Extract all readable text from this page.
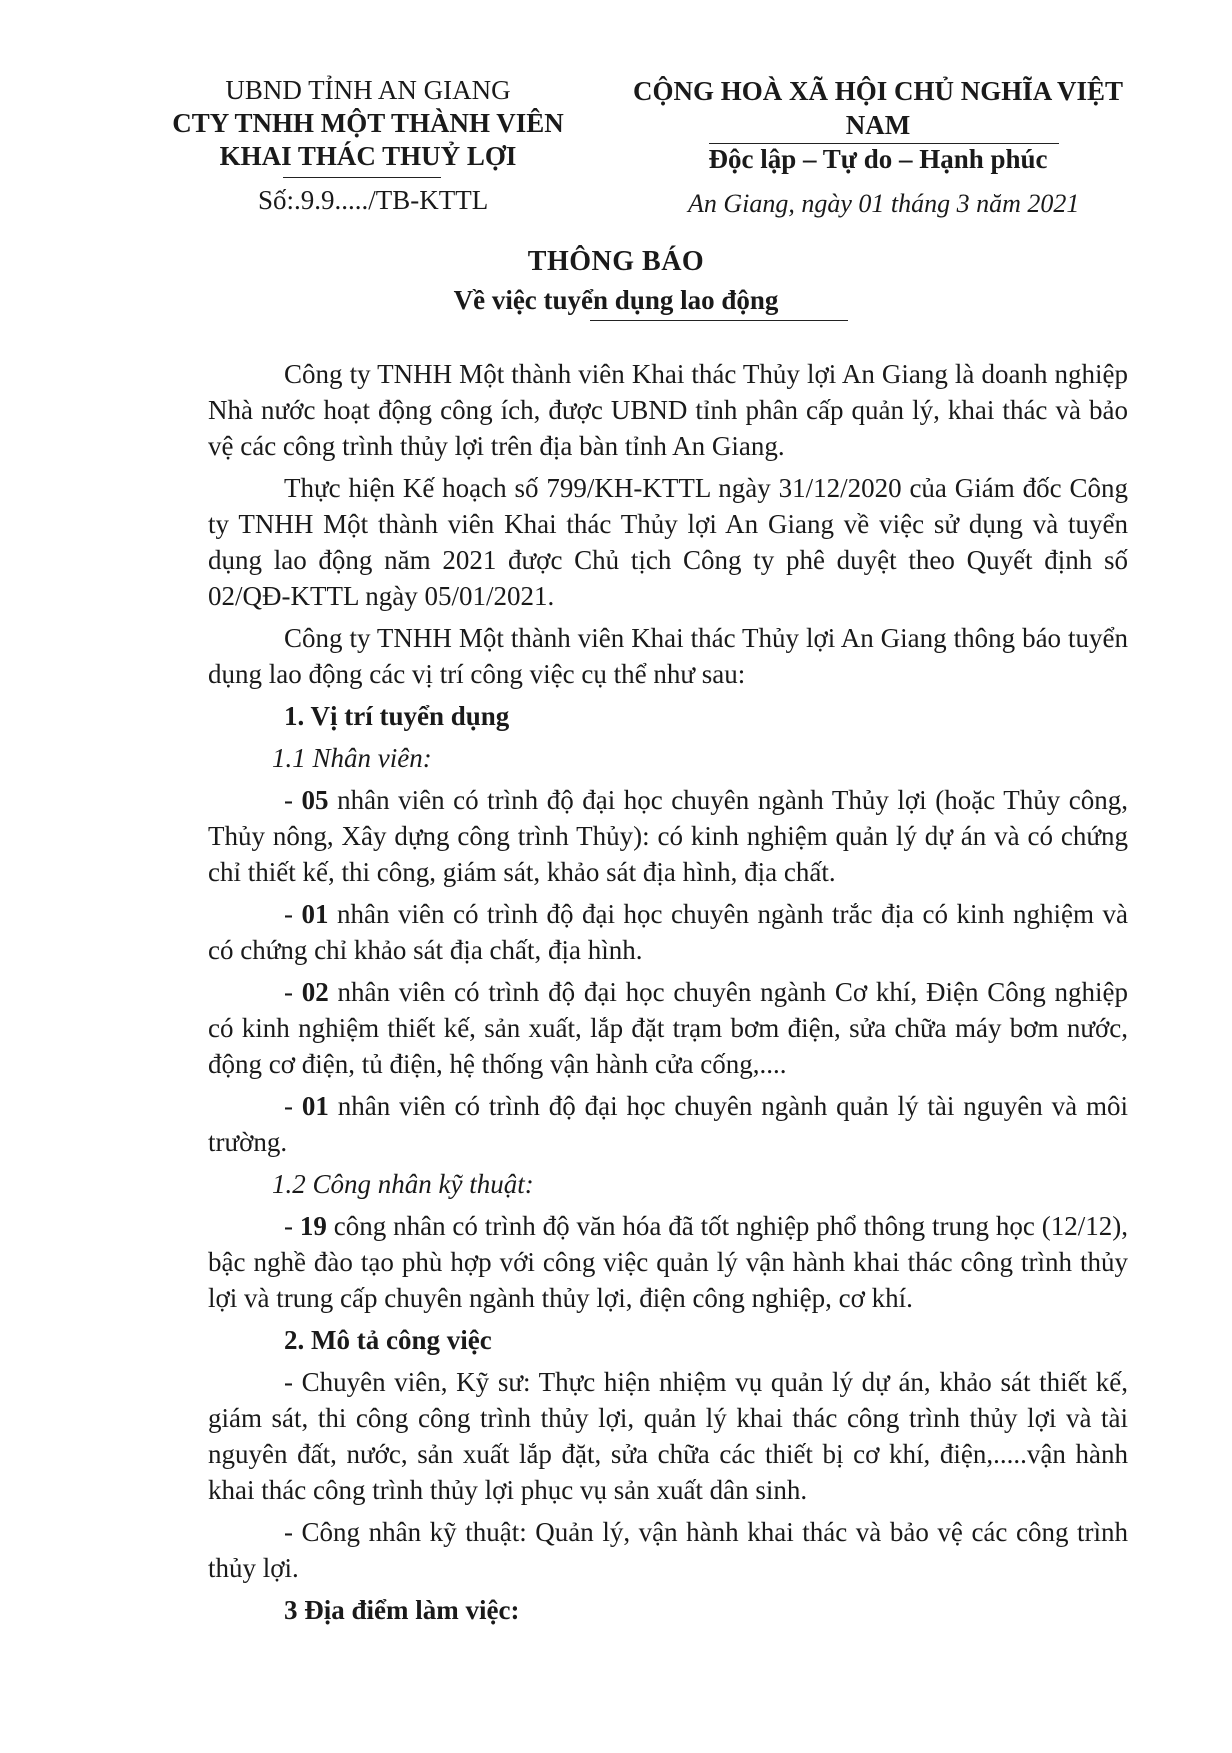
UBND TỈNH AN GIANG
CTY TNHH MỘT THÀNH VIÊN
KHAI THÁC THUỶ LỢI
Số:.9.9...../TB-KTTL
CỘNG HOÀ XÃ HỘI CHỦ NGHĨA VIỆT NAM
Độc lập – Tự do – Hạnh phúc
An Giang, ngày 01 tháng 3 năm 2021
THÔNG BÁO
Về việc tuyển dụng lao động

Công ty TNHH Một thành viên Khai thác Thủy lợi An Giang là doanh nghiệp Nhà nước hoạt động công ích, được UBND tỉnh phân cấp quản lý, khai thác và bảo vệ các công trình thủy lợi trên địa bàn tỉnh An Giang.

Thực hiện Kế hoạch số 799/KH-KTTL ngày 31/12/2020 của Giám đốc Công ty TNHH Một thành viên Khai thác Thủy lợi An Giang về việc sử dụng và tuyển dụng lao động năm 2021 được Chủ tịch Công ty phê duyệt theo Quyết định số 02/QĐ-KTTL ngày 05/01/2021.

Công ty TNHH Một thành viên Khai thác Thủy lợi An Giang thông báo tuyển dụng lao động các vị trí công việc cụ thể như sau:

1. Vị trí tuyển dụng
1.1 Nhân viên:

- 05 nhân viên có trình độ đại học chuyên ngành Thủy lợi (hoặc Thủy công, Thủy nông, Xây dựng công trình Thủy): có kinh nghiệm quản lý dự án và có chứng chỉ thiết kế, thi công, giám sát, khảo sát địa hình, địa chất.

- 01 nhân viên có trình độ đại học chuyên ngành trắc địa có kinh nghiệm và có chứng chỉ khảo sát địa chất, địa hình.

- 02 nhân viên có trình độ đại học chuyên ngành Cơ khí, Điện Công nghiệp có kinh nghiệm thiết kế, sản xuất, lắp đặt trạm bơm điện, sửa chữa máy bơm nước, động cơ điện, tủ điện, hệ thống vận hành cửa cống,....

- 01 nhân viên có trình độ đại học chuyên ngành quản lý tài nguyên và môi trường.

1.2 Công nhân kỹ thuật:

- 19 công nhân có trình độ văn hóa đã tốt nghiệp phổ thông trung học (12/12), bậc nghề đào tạo phù hợp với công việc quản lý vận hành khai thác công trình thủy lợi và trung cấp chuyên ngành thủy lợi, điện công nghiệp, cơ khí.

2. Mô tả công việc

- Chuyên viên, Kỹ sư: Thực hiện nhiệm vụ quản lý dự án, khảo sát thiết kế, giám sát, thi công công trình thủy lợi, quản lý khai thác công trình thủy lợi và tài nguyên đất, nước, sản xuất lắp đặt, sửa chữa các thiết bị cơ khí, điện,.....vận hành khai thác công trình thủy lợi phục vụ sản xuất dân sinh.

- Công nhân kỹ thuật: Quản lý, vận hành khai thác và bảo vệ các công trình thủy lợi.

3 Địa điểm làm việc:
